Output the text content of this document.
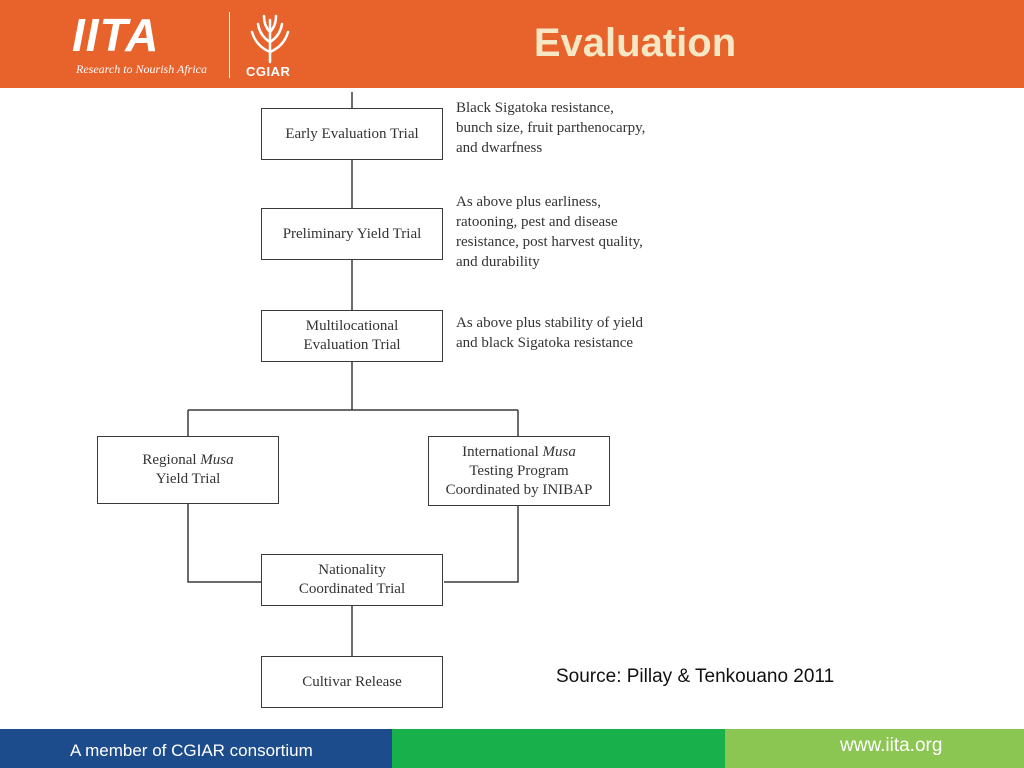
IITA
Research to Nourish Africa	CGIAR
Evaluation
Early Evaluation Trial
Preliminary Yield Trial
Multilocational
Evaluation Trial
Regional Musa
Yield Trial
International Musa
Testing Program
Coordinated by INIBAP
Nationality
Coordinated Trial
Cultivar Release
Black Sigatoka resistance,
bunch size, fruit parthenocarpy,
and dwarfness
As above plus earliness,
ratooning, pest and disease
resistance, post harvest quality,
and durability
As above plus stability of yield
and black Sigatoka resistance
Source: Pillay & Tenkouano 2011
A member of CGIAR consortium	www.iita.org
